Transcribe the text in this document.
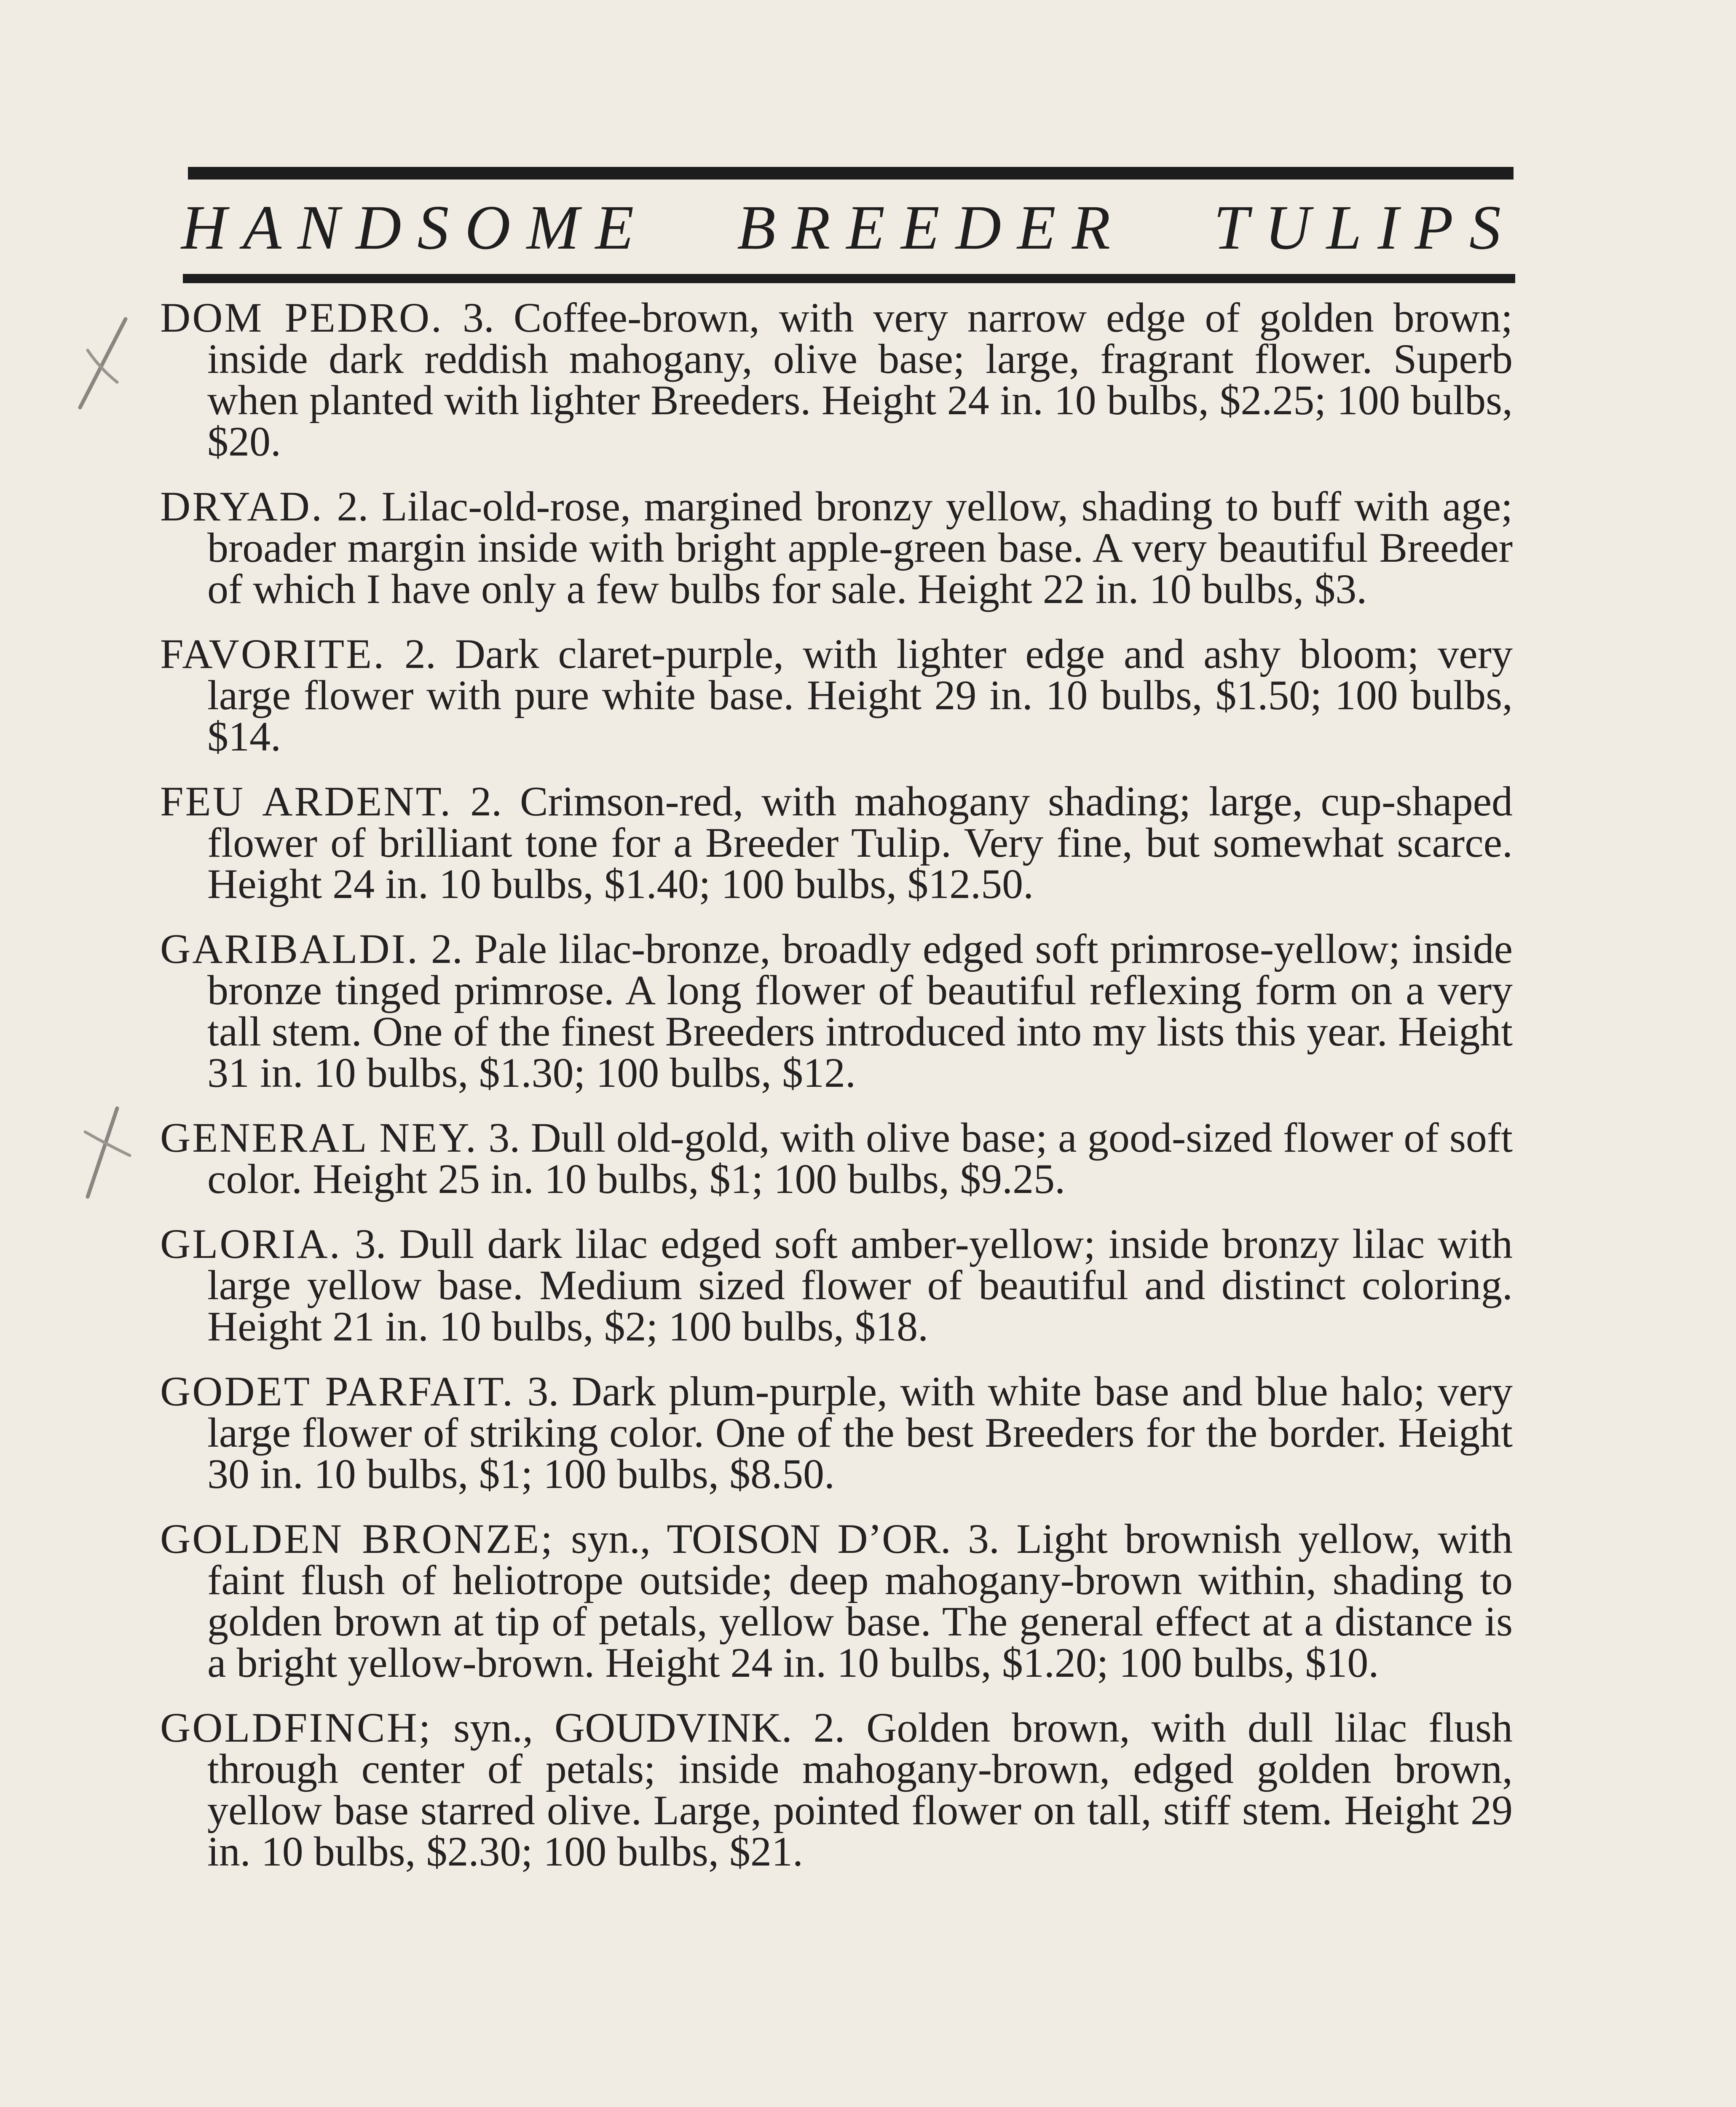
HANDSOME BREEDER TULIPS

DOM PEDRO. 3. Coffee-brown, with very narrow edge of golden brown; inside dark reddish mahogany, olive base; large, fragrant flower. Superb when planted with lighter Breeders. Height 24 in. 10 bulbs, $2.25; 100 bulbs, $20.

DRYAD. 2. Lilac-old-rose, margined bronzy yellow, shading to buff with age; broader margin inside with bright apple-green base. A very beautiful Breeder of which I have only a few bulbs for sale. Height 22 in. 10 bulbs, $3.

FAVORITE. 2. Dark claret-purple, with lighter edge and ashy bloom; very large flower with pure white base. Height 29 in. 10 bulbs, $1.50; 100 bulbs, $14.

FEU ARDENT. 2. Crimson-red, with mahogany shading; large, cup-shaped flower of brilliant tone for a Breeder Tulip. Very fine, but somewhat scarce. Height 24 in. 10 bulbs, $1.40; 100 bulbs, $12.50.

GARIBALDI. 2. Pale lilac-bronze, broadly edged soft primrose-yellow; inside bronze tinged primrose. A long flower of beautiful reflexing form on a very tall stem. One of the finest Breeders introduced into my lists this year. Height 31 in. 10 bulbs, $1.30; 100 bulbs, $12.

GENERAL NEY. 3. Dull old-gold, with olive base; a good-sized flower of soft color. Height 25 in. 10 bulbs, $1; 100 bulbs, $9.25.

GLORIA. 3. Dull dark lilac edged soft amber-yellow; inside bronzy lilac with large yellow base. Medium sized flower of beautiful and distinct coloring. Height 21 in. 10 bulbs, $2; 100 bulbs, $18.

GODET PARFAIT. 3. Dark plum-purple, with white base and blue halo; very large flower of striking color. One of the best Breeders for the border. Height 30 in. 10 bulbs, $1; 100 bulbs, $8.50.

GOLDEN BRONZE; syn., TOISON D’OR. 3. Light brownish yellow, with faint flush of heliotrope outside; deep mahogany-brown within, shading to golden brown at tip of petals, yellow base. The general effect at a distance is a bright yellow-brown. Height 24 in. 10 bulbs, $1.20; 100 bulbs, $10.

GOLDFINCH; syn., GOUDVINK. 2. Golden brown, with dull lilac flush through center of petals; inside mahogany-brown, edged golden brown, yellow base starred olive. Large, pointed flower on tall, stiff stem. Height 29 in. 10 bulbs, $2.30; 100 bulbs, $21.
